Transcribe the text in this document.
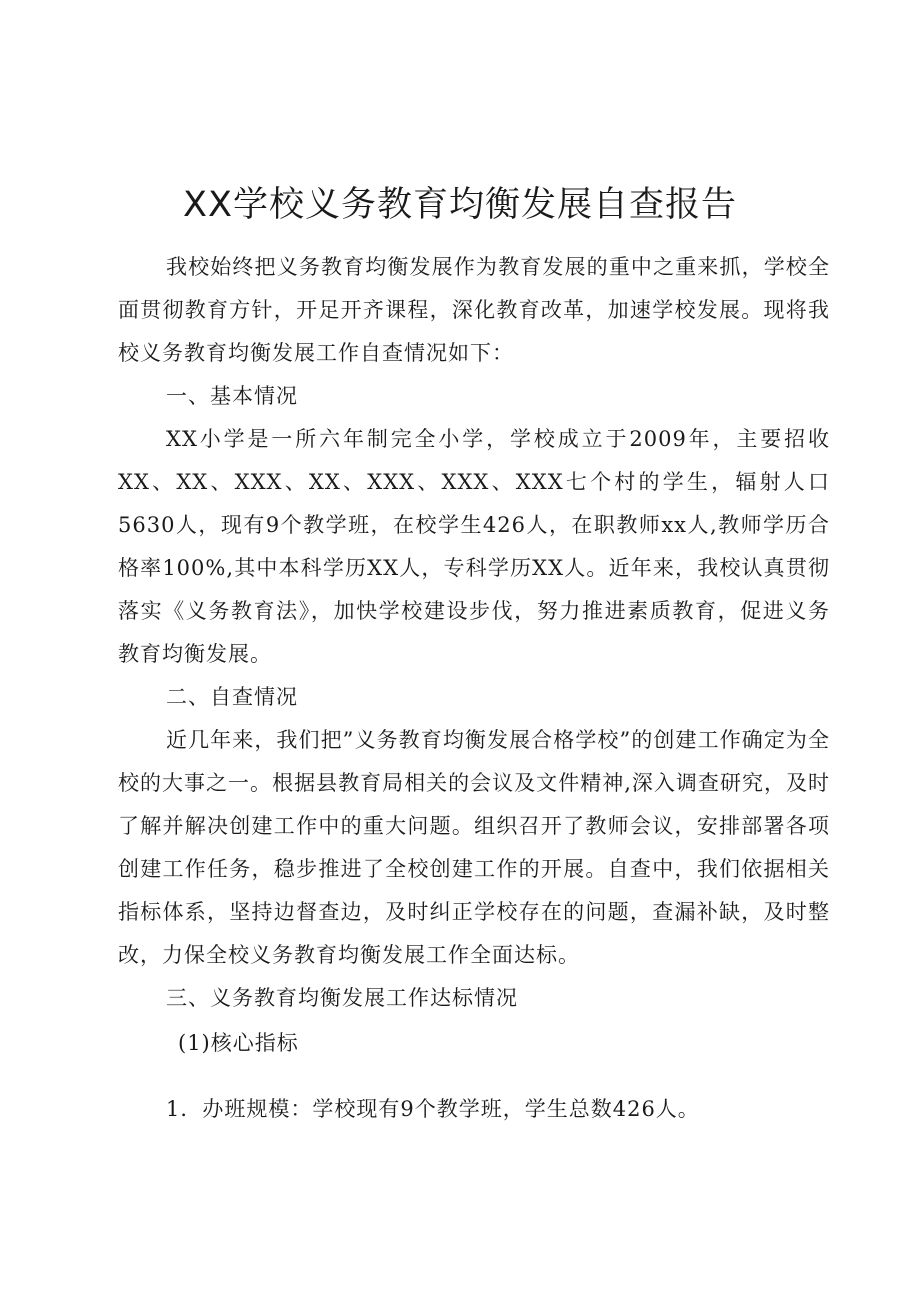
XX学校义务教育均衡发展自查报告

我校始终把义务教育均衡发展作为教育发展的重中之重来抓，学校全面贯彻教育方针，开足开齐课程，深化教育改革，加速学校发展。现将我校义务教育均衡发展工作自查情况如下：

一、基本情况

XX小学是一所六年制完全小学，学校成立于2009年，主要招收XX、XX、XXX、XX、XXX、XXX、XXX七个村的学生，辐射人口5630人，现有9个教学班，在校学生426人，在职教师xx人,教师学历合格率100%,其中本科学历XX人，专科学历XX人。近年来，我校认真贯彻落实《义务教育法》，加快学校建设步伐，努力推进素质教育，促进义务教育均衡发展。

二、自查情况

近几年来，我们把”义务教育均衡发展合格学校”的创建工作确定为全校的大事之一。根据县教育局相关的会议及文件精神,深入调查研究，及时了解并解决创建工作中的重大问题。组织召开了教师会议，安排部署各项创建工作任务，稳步推进了全校创建工作的开展。自查中，我们依据相关指标体系，坚持边督查边，及时纠正学校存在的问题，查漏补缺，及时整改，力保全校义务教育均衡发展工作全面达标。

三、义务教育均衡发展工作达标情况

(1)核心指标

1．办班规模：学校现有9个教学班，学生总数426人。
